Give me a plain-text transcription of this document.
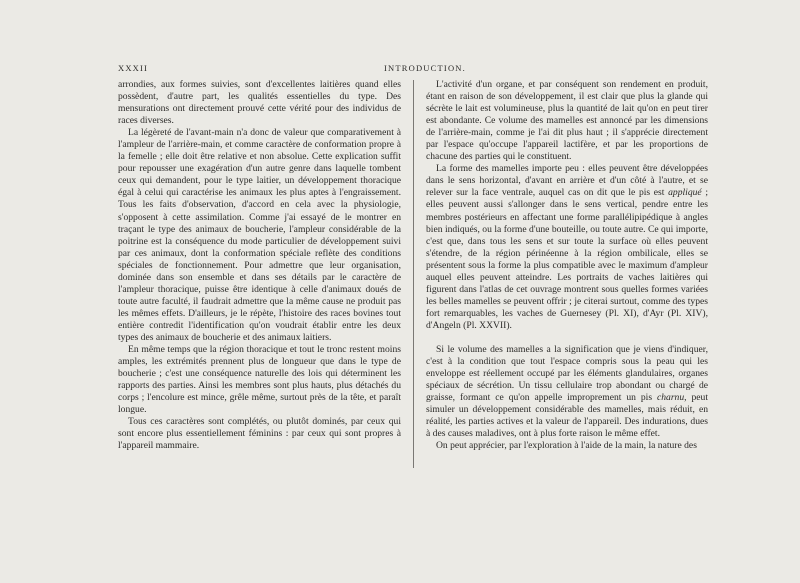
XXXII	INTRODUCTION.

arrondies, aux formes suivies, sont d'excellentes laitières quand elles possèdent, d'autre part, les qualités essentielles du type. Des mensurations ont directement prouvé cette vérité pour des individus de races diverses.

La légèreté de l'avant-main n'a donc de valeur que comparativement à l'ampleur de l'arrière-main, et comme caractère de conformation propre à la femelle ; elle doit être relative et non absolue. Cette explication suffit pour repousser une exagération d'un autre genre dans laquelle tombent ceux qui demandent, pour le type laitier, un développement thoracique égal à celui qui caractérise les animaux les plus aptes à l'engraissement. Tous les faits d'observation, d'accord en cela avec la physiologie, s'opposent à cette assimilation. Comme j'ai essayé de le montrer en traçant le type des animaux de boucherie, l'ampleur considérable de la poitrine est la conséquence du mode particulier de développement suivi par ces animaux, dont la conformation spéciale reflète des conditions spéciales de fonctionnement. Pour admettre que leur organisation, dominée dans son ensemble et dans ses détails par le caractère de l'ampleur thoracique, puisse être identique à celle d'animaux doués de toute autre faculté, il faudrait admettre que la même cause ne produit pas les mêmes effets. D'ailleurs, je le répète, l'histoire des races bovines tout entière contredit l'identification qu'on voudrait établir entre les deux types des animaux de boucherie et des animaux laitiers.

En même temps que la région thoracique et tout le tronc restent moins amples, les extrémités prennent plus de longueur que dans le type de boucherie ; c'est une conséquence naturelle des lois qui déterminent les rapports des parties. Ainsi les membres sont plus hauts, plus détachés du corps ; l'encolure est mince, grêle même, surtout près de la tête, et paraît longue.

Tous ces caractères sont complétés, ou plutôt dominés, par ceux qui sont encore plus essentiellement féminins : par ceux qui sont propres à l'appareil mammaire.

L'activité d'un organe, et par conséquent son rendement en produit, étant en raison de son développement, il est clair que plus la glande qui sécrète le lait est volumineuse, plus la quantité de lait qu'on en peut tirer est abondante. Ce volume des mamelles est annoncé par les dimensions de l'arrière-main, comme je l'ai dit plus haut ; il s'apprécie directement par l'espace qu'occupe l'appareil lactifère, et par les proportions de chacune des parties qui le constituent.

La forme des mamelles importe peu : elles peuvent être développées dans le sens horizontal, d'avant en arrière et d'un côté à l'autre, et se relever sur la face ventrale, auquel cas on dit que le pis est appliqué ; elles peuvent aussi s'allonger dans le sens vertical, pendre entre les membres postérieurs en affectant une forme parallélipipédique à angles bien indiqués, ou la forme d'une bouteille, ou toute autre. Ce qui importe, c'est que, dans tous les sens et sur toute la surface où elles peuvent s'étendre, de la région périnéenne à la région ombilicale, elles se présentent sous la forme la plus compatible avec le maximum d'ampleur auquel elles peuvent atteindre. Les portraits de vaches laitières qui figurent dans l'atlas de cet ouvrage montrent sous quelles formes variées les belles mamelles se peuvent offrir ; je citerai surtout, comme des types fort remarquables, les vaches de Guernesey (Pl. XI), d'Ayr (Pl. XIV), d'Angeln (Pl. XXVII).

Si le volume des mamelles a la signification que je viens d'indiquer, c'est à la condition que tout l'espace compris sous la peau qui les enveloppe est réellement occupé par les éléments glandulaires, organes spéciaux de sécrétion. Un tissu cellulaire trop abondant ou chargé de graisse, formant ce qu'on appelle improprement un pis charnu, peut simuler un développement considérable des mamelles, mais réduit, en réalité, les parties actives et la valeur de l'appareil. Des indurations, dues à des causes maladives, ont à plus forte raison le même effet.

On peut apprécier, par l'exploration à l'aide de la main, la nature des
